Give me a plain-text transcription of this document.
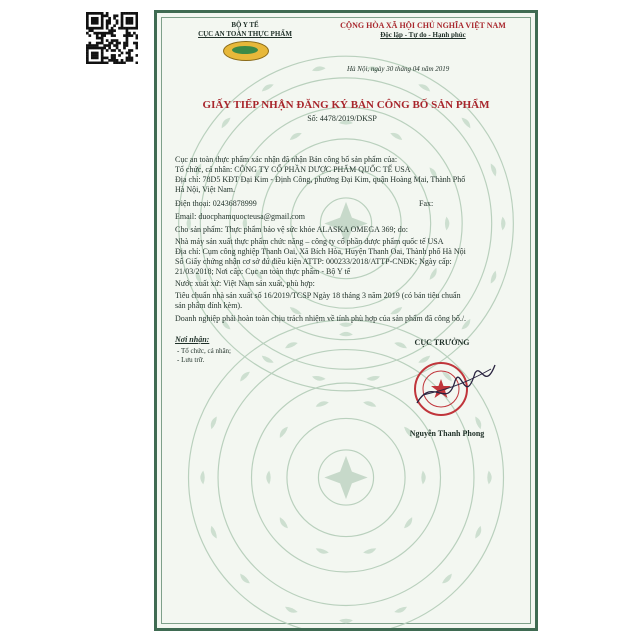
BỘ Y TẾ
CỤC AN TOÀN THỰC PHẨM
CỘNG HÒA XÃ HỘI CHỦ NGHĨA VIỆT NAM
Độc lập - Tự do - Hạnh phúc
Hà Nội, ngày 30 tháng 04 năm 2019
GIẤY TIẾP NHẬN ĐĂNG KÝ BẢN CÔNG BỐ SẢN PHẨM
Số: 4478/2019/DKSP
Cục an toàn thực phẩm xác nhận đã nhận Bản công bố sản phẩm của:
Tổ chức, cá nhân: CÔNG TY CỔ PHẦN DƯỢC PHẨM QUỐC TẾ USA
Địa chỉ: 78D5 KĐT Đại Kim - Định Công, phường Đại Kim, quận Hoàng Mai, Thành Phố
Hà Nội, Việt Nam.
Điện thoại: 02436878999	Fax:
Email: duocphamquocteusa@gmail.com
Cho sản phẩm: Thực phẩm bảo vệ sức khỏe ALASKA OMEGA 369; do:
Nhà máy sản xuất thực phẩm chức năng – công ty cổ phần dược phẩm quốc tế USA
Địa chỉ: Cụm công nghiệp Thanh Oai, Xã Bích Hòa, Huyện Thanh Oai, Thành phố Hà Nội
Số Giấy chứng nhận cơ sở đủ điều kiện ATTP: 000233/2018/ATTP-CNĐK; Ngày cấp:
21/03/2018; Nơi cấp: Cục an toàn thực phẩm - Bộ Y tế
Nước xuất xứ: Việt Nam sản xuất, phù hợp:
Tiêu chuẩn nhà sản xuất số 16/2019/TCSP Ngày 18 tháng 3 năm 2019 (có bản tiêu chuẩn
sản phẩm đính kèm).
Doanh nghiệp phải hoàn toàn chịu trách nhiệm về tính phù hợp của sản phẩm đã công bố./.
Nơi nhận:
- Tổ chức, cá nhân;
- Lưu trữ.
CỤC TRƯỞNG
Nguyễn Thanh Phong
